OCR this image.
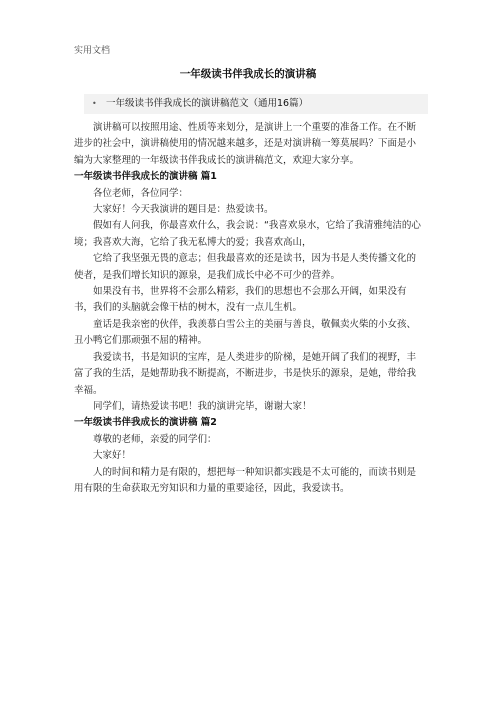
实用文档
一年级读书伴我成长的演讲稿
• 一年级读书伴我成长的演讲稿范文（通用16篇）

演讲稿可以按照用途、性质等来划分，是演讲上一个重要的准备工作。在不断进步的社会中，演讲稿使用的情况越来越多，还是对演讲稿一筹莫展吗？下面是小编为大家整理的一年级读书伴我成长的演讲稿范文，欢迎大家分享。

一年级读书伴我成长的演讲稿 篇1

各位老师，各位同学：

大家好！今天我演讲的题目是：热爱读书。

假如有人问我，你最喜欢什么，我会说：“我喜欢泉水，它给了我清雅纯洁的心境；我喜欢大海，它给了我无私博大的爱；我喜欢高山，

它给了我坚强无畏的意志；但我最喜欢的还是读书，因为书是人类传播文化的使者，是我们增长知识的源泉，是我们成长中必不可少的营养。

如果没有书，世界将不会那么精彩，我们的思想也不会那么开阔，如果没有书，我们的头脑就会像干枯的树木，没有一点儿生机。

童话是我亲密的伙伴，我羡慕白雪公主的美丽与善良，敬佩卖火柴的小女孩、丑小鸭它们那顽强不屈的精神。

我爱读书，书是知识的宝库，是人类进步的阶梯，是她开阔了我们的视野，丰富了我的生活，是她帮助我不断提高，不断进步，书是快乐的源泉，是她，带给我幸福。

同学们，请热爱读书吧！我的演讲完毕，谢谢大家！

一年级读书伴我成长的演讲稿 篇2

尊敬的老师，亲爱的同学们：

大家好！

人的时间和精力是有限的，想把每一种知识都实践是不太可能的，而读书则是用有限的生命获取无穷知识和力量的重要途径，因此，我爱读书。
